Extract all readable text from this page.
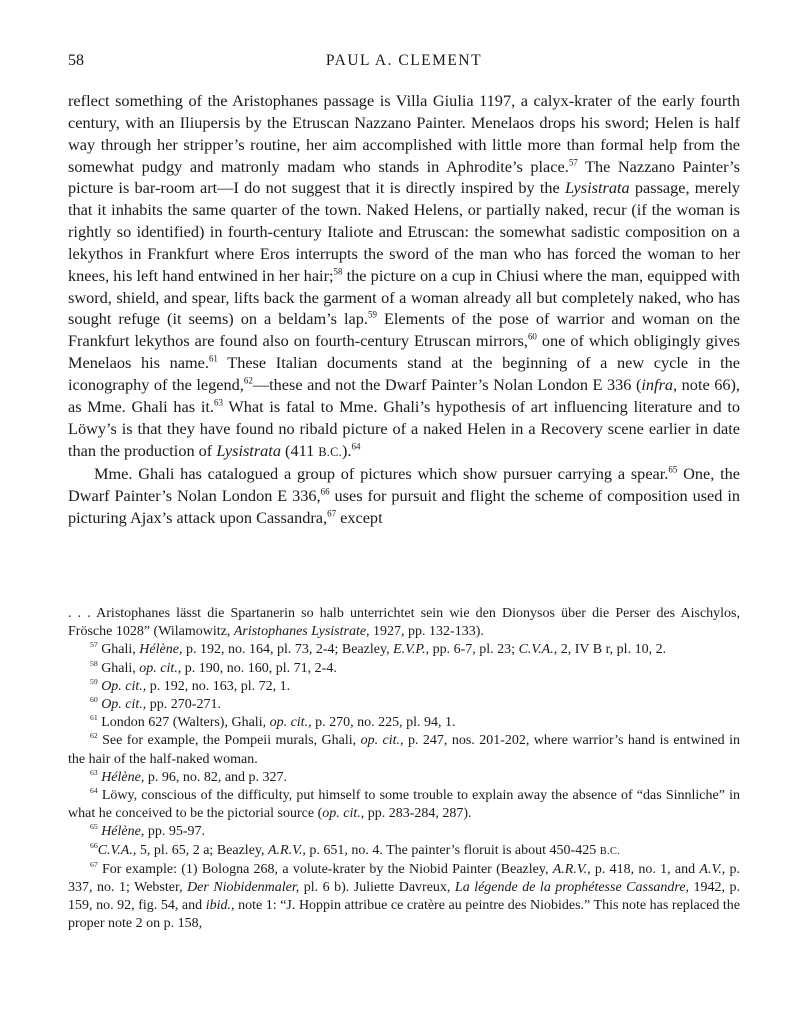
58	PAUL A. CLEMENT

reflect something of the Aristophanes passage is Villa Giulia 1197, a calyx-krater of the early fourth century, with an Iliupersis by the Etruscan Nazzano Painter. Menelaos drops his sword; Helen is half way through her stripper’s routine, her aim accomplished with little more than formal help from the somewhat pudgy and matronly madam who stands in Aphrodite’s place.$^{57}$ The Nazzano Painter’s picture is bar-room art—I do not suggest that it is directly inspired by the Lysistrata passage, merely that it inhabits the same quarter of the town. Naked Helens, or partially naked, recur (if the woman is rightly so identified) in fourth-century Italiote and Etruscan: the somewhat sadistic composition on a lekythos in Frankfurt where Eros interrupts the sword of the man who has forced the woman to her knees, his left hand entwined in her hair;$^{58}$ the picture on a cup in Chiusi where the man, equipped with sword, shield, and spear, lifts back the garment of a woman already all but completely naked, who has sought refuge (it seems) on a beldam’s lap.$^{59}$ Elements of the pose of warrior and woman on the Frankfurt lekythos are found also on fourth-century Etruscan mirrors,$^{60}$ one of which obligingly gives Menelaos his name.$^{61}$ These Italian documents stand at the beginning of a new cycle in the iconography of the legend,$^{62}$—these and not the Dwarf Painter’s Nolan London E 336 (infra, note 66), as Mme. Ghali has it.$^{63}$ What is fatal to Mme. Ghali’s hypothesis of art influencing literature and to Löwy’s is that they have found no ribald picture of a naked Helen in a Recovery scene earlier in date than the production of Lysistrata (411 B.C.).$^{64}$

Mme. Ghali has catalogued a group of pictures which show pursuer carrying a spear.$^{65}$ One, the Dwarf Painter’s Nolan London E 336,66 uses for pursuit and flight the scheme of composition used in picturing Ajax’s attack upon Cassandra,$^{67}$ except

. . . Aristophanes lässt die Spartanerin so halb unterrichtet sein wie den Dionysos über die Perser des Aischylos, Frösche 1028” (Wilamowitz, Aristophanes Lysistrate, 1927, pp. 132-133).

$^{57}$ Ghali, Hélène, p. 192, no. 164, pl. 73, 2-4; Beazley, E.V.P., pp. 6-7, pl. 23; C.V.A., 2, IV B r, pl. 10, 2.

$^{58}$ Ghali, op. cit., p. 190, no. 160, pl. 71, 2-4.

$^{59}$ Op. cit., p. 192, no. 163, pl. 72, 1.

$^{60}$ Op. cit., pp. 270-271.

$^{61}$ London 627 (Walters), Ghali, op. cit., p. 270, no. 225, pl. 94, 1.

$^{62}$ See for example, the Pompeii murals, Ghali, op. cit., p. 247, nos. 201-202, where warrior’s hand is entwined in the hair of the half-naked woman.

$^{63}$ Hélène, p. 96, no. 82, and p. 327.

$^{64}$ Löwy, conscious of the difficulty, put himself to some trouble to explain away the absence of “das Sinnliche” in what he conceived to be the pictorial source (op. cit., pp. 283-284, 287).

$^{65}$ Hélène, pp. 95-97.

$^{66}$C.V.A., 5, pl. 65, 2 a; Beazley, A.R.V., p. 651, no. 4. The painter’s floruit is about 450-425 B.C.

$^{67}$ For example: (1) Bologna 268, a volute-krater by the Niobid Painter (Beazley, A.R.V., p. 418, no. 1, and A.V., p. 337, no. 1; Webster, Der Niobidenmaler, pl. 6 b). Juliette Davreux, La légende de la prophétesse Cassandre, 1942, p. 159, no. 92, fig. 54, and ibid., note 1: “J. Hoppin attribue ce cratère au peintre des Niobides.” This note has replaced the proper note 2 on p. 158,
